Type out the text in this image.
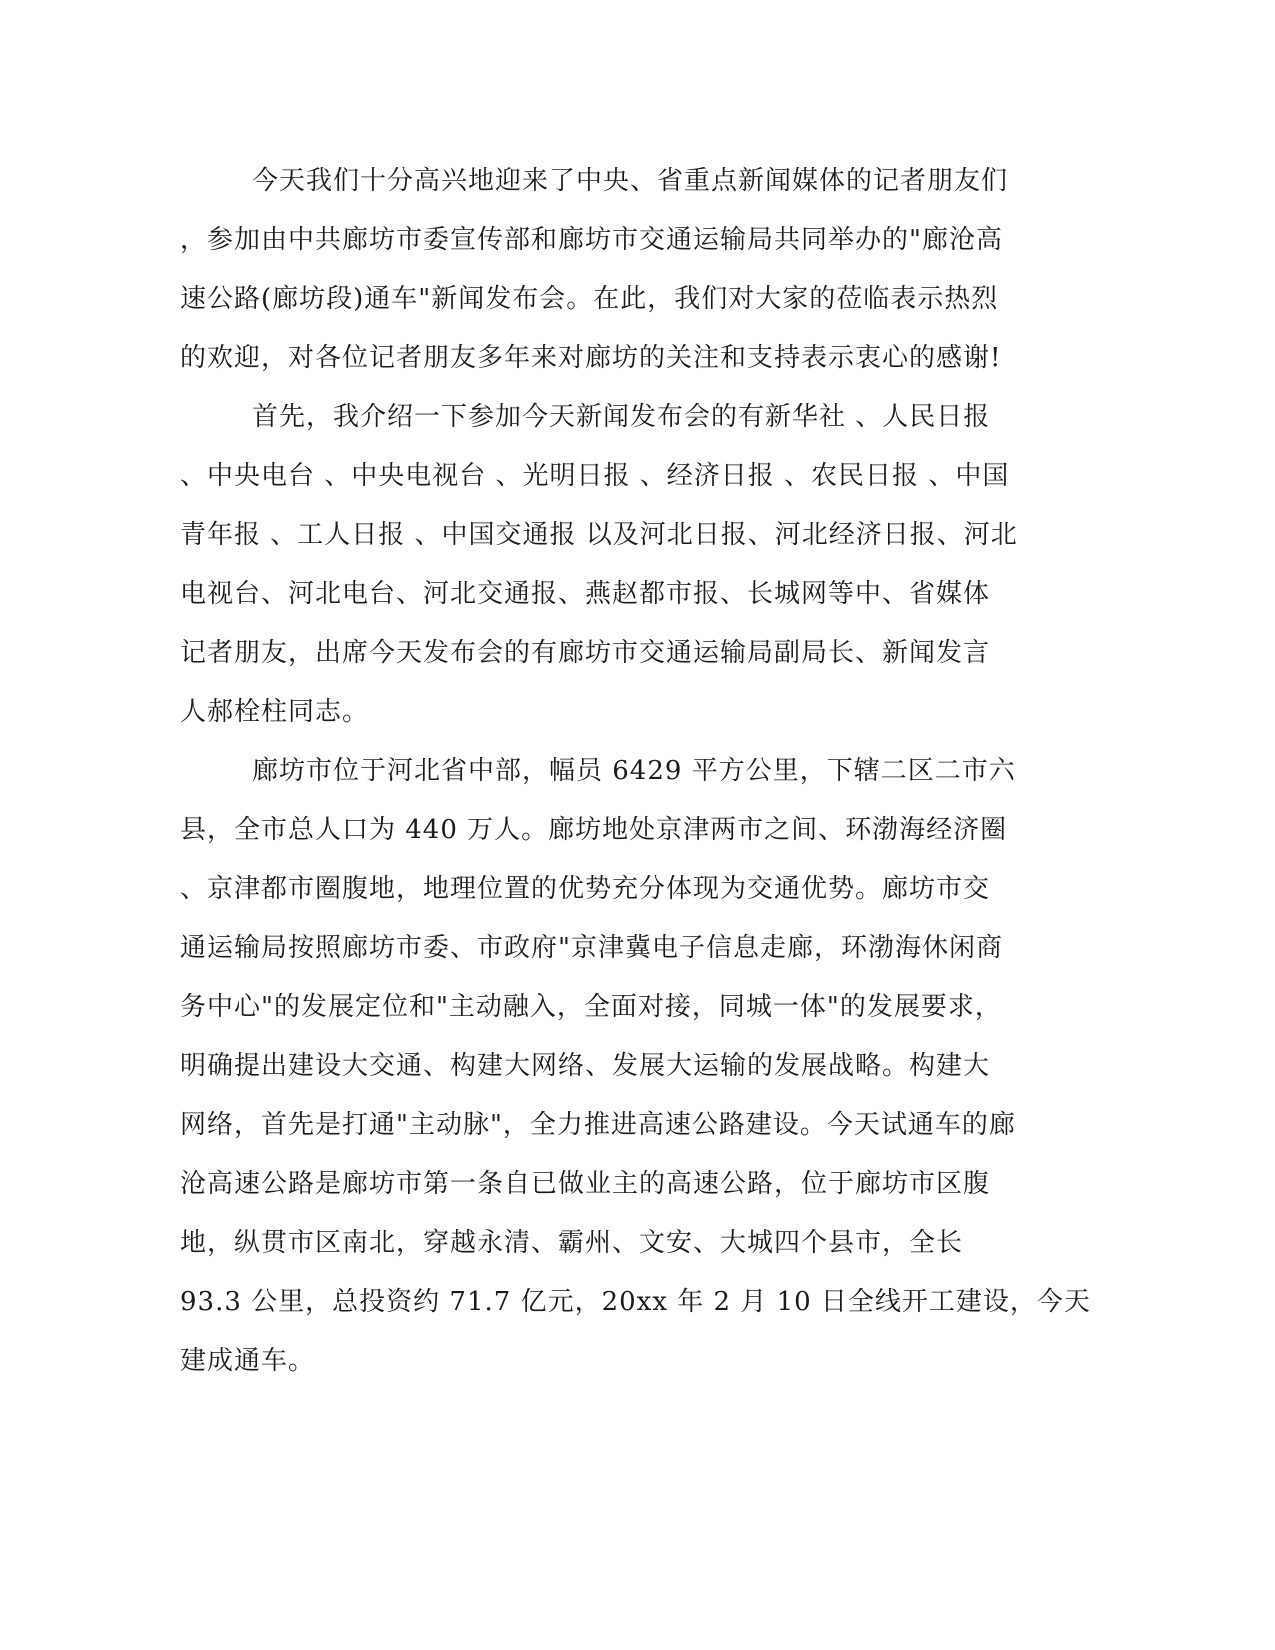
今天我们十分高兴地迎来了中央、省重点新闻媒体的记者朋友们
，参加由中共廊坊市委宣传部和廊坊市交通运输局共同举办的"廊沧高
速公路(廊坊段)通车"新闻发布会。在此，我们对大家的莅临表示热烈
的欢迎，对各位记者朋友多年来对廊坊的关注和支持表示衷心的感谢!
首先，我介绍一下参加今天新闻发布会的有新华社 、人民日报
、中央电台 、中央电视台 、光明日报 、经济日报 、农民日报 、中国
青年报 、工人日报 、中国交通报 以及河北日报、河北经济日报、河北
电视台、河北电台、河北交通报、燕赵都市报、长城网等中、省媒体
记者朋友，出席今天发布会的有廊坊市交通运输局副局长、新闻发言
人郝栓柱同志。
廊坊市位于河北省中部，幅员 6429 平方公里，下辖二区二市六
县，全市总人口为 440 万人。廊坊地处京津两市之间、环渤海经济圈
、京津都市圈腹地，地理位置的优势充分体现为交通优势。廊坊市交
通运输局按照廊坊市委、市政府"京津冀电子信息走廊，环渤海休闲商
务中心"的发展定位和"主动融入，全面对接，同城一体"的发展要求，
明确提出建设大交通、构建大网络、发展大运输的发展战略。构建大
网络，首先是打通"主动脉"，全力推进高速公路建设。今天试通车的廊
沧高速公路是廊坊市第一条自已做业主的高速公路，位于廊坊市区腹
地，纵贯市区南北，穿越永清、霸州、文安、大城四个县市，全长
93.3 公里，总投资约 71.7 亿元，20xx 年 2 月 10 日全线开工建设，今天
建成通车。
